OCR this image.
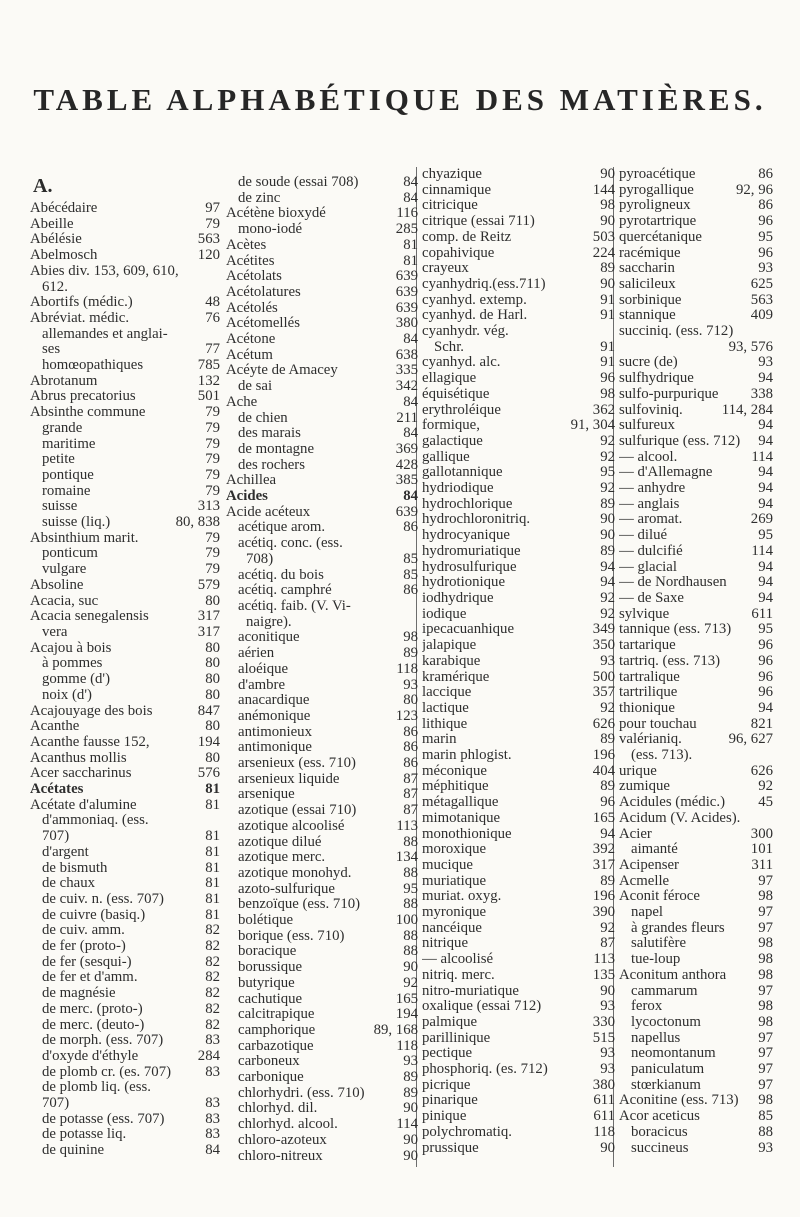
TABLE ALPHABÉTIQUE DES MATIÈRES.
A.
Abécédaire	97
Abeille	79
Abélésie	563
Abelmosch	120
Abies div. 153, 609, 610,
612.
Abortifs (médic.)	48
Abréviat. médic.	76
allemandes et anglai-
ses	77
homœopathiques	785
Abrotanum	132
Abrus precatorius	501
Absinthe commune	79
grande	79
maritime	79
petite	79
pontique	79
romaine	79
suisse	313
suisse (liq.)	80, 838
Absinthium marit.	79
ponticum	79
vulgare	79
Absoline	579
Acacia, suc	80
Acacia senegalensis	317
vera	317
Acajou à bois	80
à pommes	80
gomme (d')	80
noix (d')	80
Acajouyage des bois	847
Acanthe	80
Acanthe fausse 152,	194
Acanthus mollis	80
Acer saccharinus	576
Acétates	81
Acétate d'alumine	81
d'ammoniaq. (ess.
707)	81
d'argent	81
de bismuth	81
de chaux	81
de cuiv. n. (ess. 707)	81
de cuivre (basiq.)	81
de cuiv. amm.	82
de fer (proto-)	82
de fer (sesqui-)	82
de fer et d'amm.	82
de magnésie	82
de merc. (proto-)	82
de merc. (deuto-)	82
de morph. (ess. 707)	83
d'oxyde d'éthyle	284
de plomb cr. (es. 707) 83
de plomb liq. (ess.
707)	83
de potasse (ess. 707)	83
de potasse liq.	83
de quinine	84
de soude (essai 708)	84
de zinc	84
Acétène bioxydé	116
mono-iodé	285
Acètes	81
Acétites	81
Acétolats	639
Acétolatures	639
Acétolés	639
Acétomellés	380
Acétone	84
Acétum	638
Acéyte de Amacey	335
de sai	342
Ache	84
de chien	211
des marais	84
de montagne	369
des rochers	428
Achillea	385
Acides	84
Acide acéteux	639
acétique arom.	86
acétiq. conc. (ess.
708)	85
acétiq. du bois	85
acétiq. camphré	86
acétiq. faib. (V. Vi-
naigre).
aconitique	98
aérien	89
aloéique	118
d'ambre	93
anacardique	80
anémonique	123
antimonieux	86
antimonique	86
arsenieux (ess. 710)	86
arsenieux liquide	87
arsenique	87
azotique (essai 710)	87
azotique alcoolisé	113
azotique dilué	88
azotique merc.	134
azotique monohyd.	88
azoto-sulfurique	95
benzoïque (ess. 710)	88
bolétique	100
borique (ess. 710)	88
boracique	88
borussique	90
butyrique	92
cachutique	165
calcitrapique	194
camphorique	89, 168
carbazotique	118
carboneux	93
carbonique	89
chlorhydri. (ess. 710)	89
chlorhyd. dil.	90
chlorhyd. alcool.	114
chloro-azoteux	90
chloro-nitreux	90
chyazique	90
cinnamique	144
citricique	98
citrique (essai 711)	90
comp. de Reitz	503
copahivique	224
crayeux	89
cyanhydriq.(ess.711)	90
cyanhyd. extemp.	91
cyanhyd. de Harl.	91
cyanhydr. vég.
Schr.	91
cyanhyd. alc.	91
ellagique	96
équisétique	98
erythroléique	362
formique,	91, 304
galactique	92
gallique	92
gallotannique	95
hydriodique	92
hydrochlorique	89
hydrochloronitriq.	90
hydrocyanique	90
hydromuriatique	89
hydrosulfurique	94
hydrotionique	94
iodhydrique	92
iodique	92
ipecacuanhique	349
jalapique	350
karabique	93
kramérique	500
laccique	357
lactique	92
lithique	626
marin	89
marin phlogist.	196
méconique	404
méphitique	89
métagallique	96
mimotanique	165
monothionique	94
moroxique	392
mucique	317
muriatique	89
muriat. oxyg.	196
myronique	390
nancéique	92
nitrique	87
— alcoolisé	113
nitriq. merc.	135
nitro-muriatique	90
oxalique (essai 712)	93
palmique	330
parillinique	515
pectique	93
phosphoriq. (es. 712)	93
picrique	380
pinarique	611
pinique	611
polychromatiq.	118
prussique	90
pyroacétique	86
pyrogallique	92, 96
pyroligneux	86
pyrotartrique	96
quercétanique	95
racémique	96
saccharin	93
salicileux	625
sorbinique	563
stannique	409
succiniq. (ess. 712)
93, 576
sucre (de)	93
sulfhydrique	94
sulfo-purpurique 338
sulfoviniq.	114, 284
sulfureux	94
sulfurique (ess. 712) 94
— alcool.	114
— d'Allemagne	94
— anhydre	94
— anglais	94
— aromat.	269
— dilué	95
— dulcifié	114
— glacial	94
— de Nordhausen 94
— de Saxe	94
sylvique	611
tannique (ess. 713) 95
tartarique	96
tartriq. (ess. 713)	96
tartralique	96
tartrilique	96
thionique	94
pour touchau	821
valérianiq.	96, 627
(ess. 713).
urique	626
zumique	92
Acidules (médic.) 45
Acidum (V. Acides).
Acier	300
aimanté	101
Acipenser	311
Acmelle	97
Aconit féroce	98
napel	97
à grandes fleurs 97
salutifère	98
tue-loup	98
Aconitum anthora 98
cammarum	97
ferox	98
lycoctonum	98
napellus	97
neomontanum	97
paniculatum	97
stœrkianum	97
Aconitine (ess. 713) 98
Acor aceticus	85
boracicus	88
succineus	93
